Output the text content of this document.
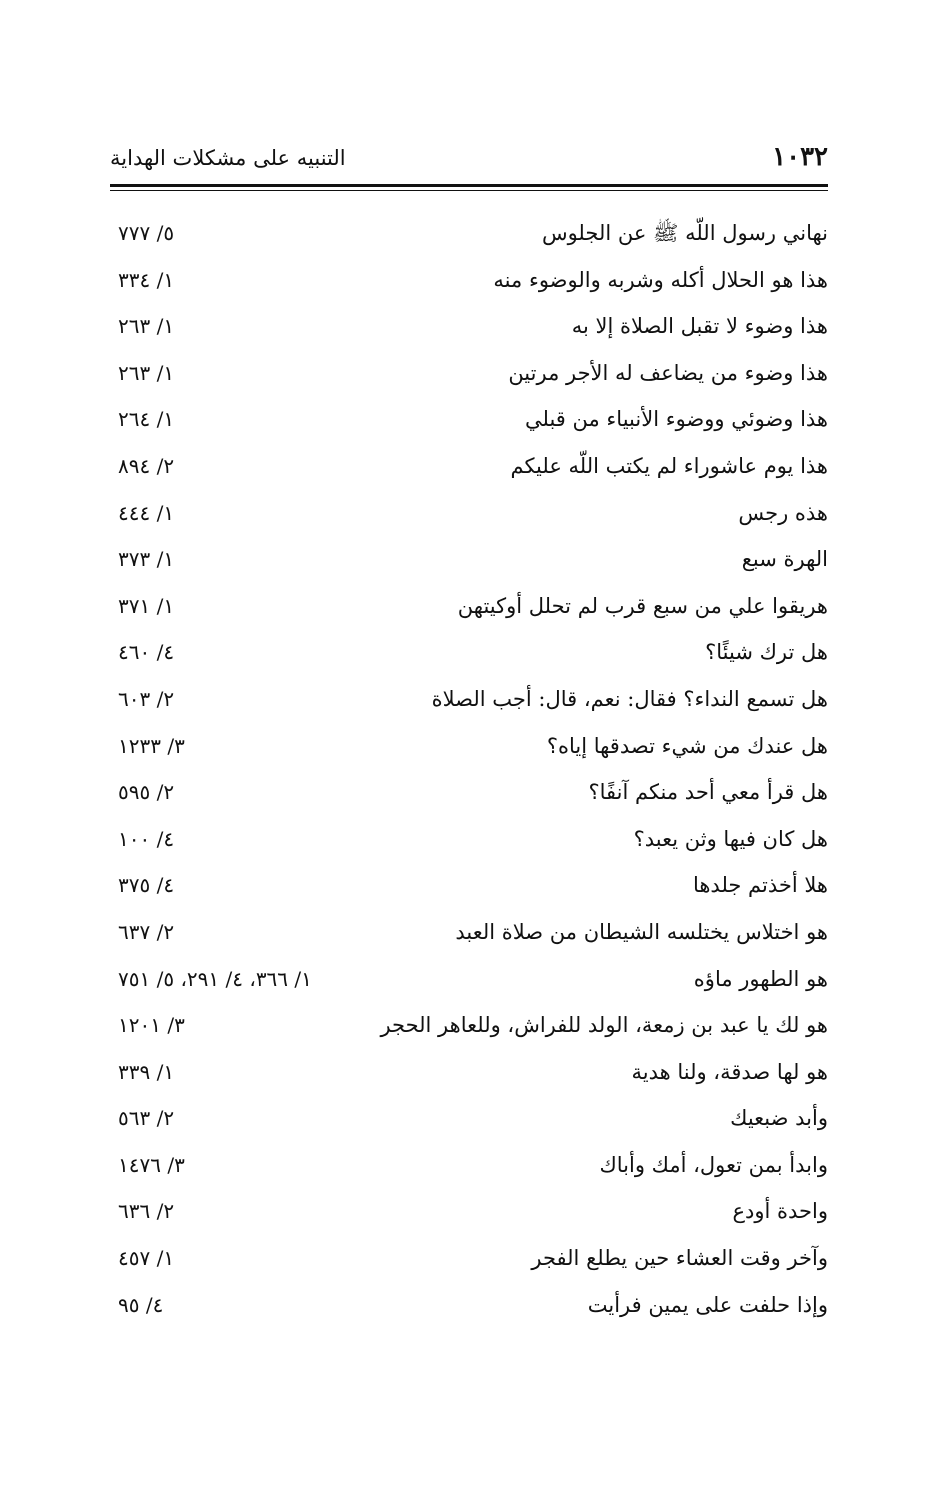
١٠٣٢
التنبيه على مشكلات الهداية
نهاني رسول اللّه ﷺ عن الجلوس
٥/ ٧٧٧
هذا هو الحلال أكله وشربه والوضوء منه
١/ ٣٣٤
هذا وضوء لا تقبل الصلاة إلا به
١/ ٢٦٣
هذا وضوء من يضاعف له الأجر مرتين
١/ ٢٦٣
هذا وضوئي ووضوء الأنبياء من قبلي
١/ ٢٦٤
هذا يوم عاشوراء لم يكتب اللّه عليكم
٢/ ٨٩٤
هذه رجس
١/ ٤٤٤
الهرة سبع
١/ ٣٧٣
هريقوا علي من سبع قرب لم تحلل أوكيتهن
١/ ٣٧١
هل ترك شيئًا؟
٤/ ٤٦٠
هل تسمع النداء؟ فقال: نعم، قال: أجب الصلاة
٢/ ٦٠٣
هل عندك من شيء تصدقها إياه؟
٣/ ١٢٣٣
هل قرأ معي أحد منكم آنفًا؟
٢/ ٥٩٥
هل كان فيها وثن يعبد؟
٤/ ١٠٠
هلا أخذتم جلدها
٤/ ٣٧٥
هو اختلاس يختلسه الشيطان من صلاة العبد
٢/ ٦٣٧
هو الطهور ماؤه
١/ ٣٦٦، ٤/ ٢٩١، ٥/ ٧٥١
هو لك يا عبد بن زمعة، الولد للفراش، وللعاهر الحجر
٣/ ١٢٠١
هو لها صدقة، ولنا هدية
١/ ٣٣٩
وأبد ضبعيك
٢/ ٥٦٣
وابدأ بمن تعول، أمك وأباك
٣/ ١٤٧٦
واحدة أودع
٢/ ٦٣٦
وآخر وقت العشاء حين يطلع الفجر
١/ ٤٥٧
وإذا حلفت على يمين فرأيت
٤/ ٩٥
